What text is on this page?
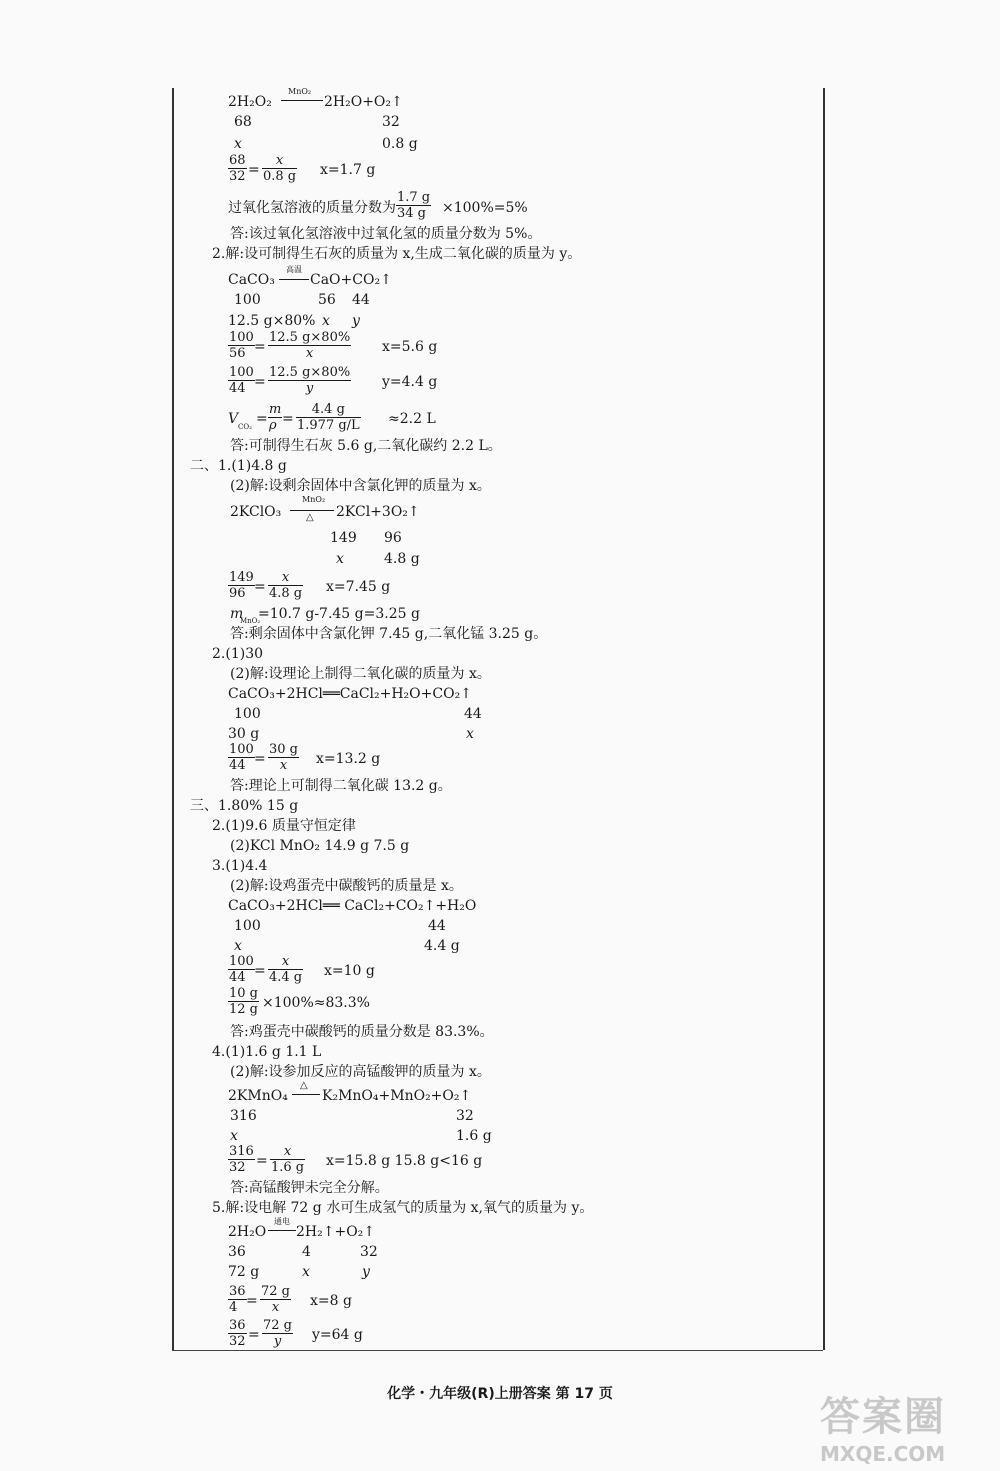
2H₂O₂
MnO₂
2H₂O+O₂↑
68	32
x	0.8 g
$\frac{68}{32} = \frac{x}{0.8 g} x=1.7$ g
过氧化氢溶液的质量分数为 $\frac{1.7 g}{34 g} \times 100\%=5\%$
答:该过氧化氢溶液中过氧化氢的质量分数为 5%。
2.解:设可制得生石灰的质量为 x,生成二氧化碳的质量为 y。
CaCO₃
高温
CaO+CO₂↑
100	56 44
12.5 g×80% x y
$\frac{100}{56} = \frac{12.5 g\times 80\%}{x} x=5.6$ g
$\frac{100}{44} = \frac{12.5 g\times 80\%}{y} y=4.4$ g
V $CO_2 = \frac{m}{\rho} = \frac{4.4 g}{1.977 g/L} \approx 2.2$ L
答:可制得生石灰 5.6 g,二氧化碳约 2.2 L。
二、1.(1)4.8 g
(2)解:设剩余固体中含氯化钾的质量为 x。
2KClO₃
MnO₂
△ 2KCl+3O₂↑
149 96
x	4.8 g
$\frac{149}{96} = \frac{x}{4.8 g} x=7.45$ g
m
MnO₂
=10.7 g-7.45 g=3.25 g
答:剩余固体中含氯化钾 7.45 g,二氧化锰 3.25 g。
2.(1)30
(2)解:设理论上制得二氧化碳的质量为 x。
CaCO₃+2HCl══CaCl₂+H₂O+CO₂↑
100	44
30 g	x
$\frac{100}{44} = \frac{30 g}{x} x=13.2$ g
答:理论上可制得二氧化碳 13.2 g。
三、1.80% 15 g
2.(1)9.6 质量守恒定律
(2)KCl MnO₂ 14.9 g 7.5 g
3.(1)4.4
(2)解:设鸡蛋壳中碳酸钙的质量是 x。
CaCO₃+2HCl══ CaCl₂+CO₂↑+H₂O
100	44
x	4.4 g
$\frac{100}{44} = \frac{x}{4.4 g} x=10$ g
$\frac{10 g}{12 g} \times 100\%\approx 83.3\%$
答:鸡蛋壳中碳酸钙的质量分数是 83.3%。
4.(1)1.6 g 1.1 L
(2)解:设参加反应的高锰酸钾的质量为 x。
2KMnO₄
△
K₂MnO₄+MnO₂+O₂↑
316	32
x	1.6 g
$\frac{316}{32} = \frac{x}{1.6 g} x=15.8$ g 15.8 g<16 g
答:高锰酸钾未完全分解。
5.解:设电解 72 g 水可生成氢气的质量为 x,氧气的质量为 y。
2H₂O
通电
2H₂↑+O₂↑
36	4	32
72 g	x	y
$\frac{36}{4} = \frac{72 g}{x} x=8$ g
$\frac{36}{32} = \frac{72 g}{y} y=64$ g
化学・九年级(R)上册答案 第 17 页	答案圈
MXQE.COM
